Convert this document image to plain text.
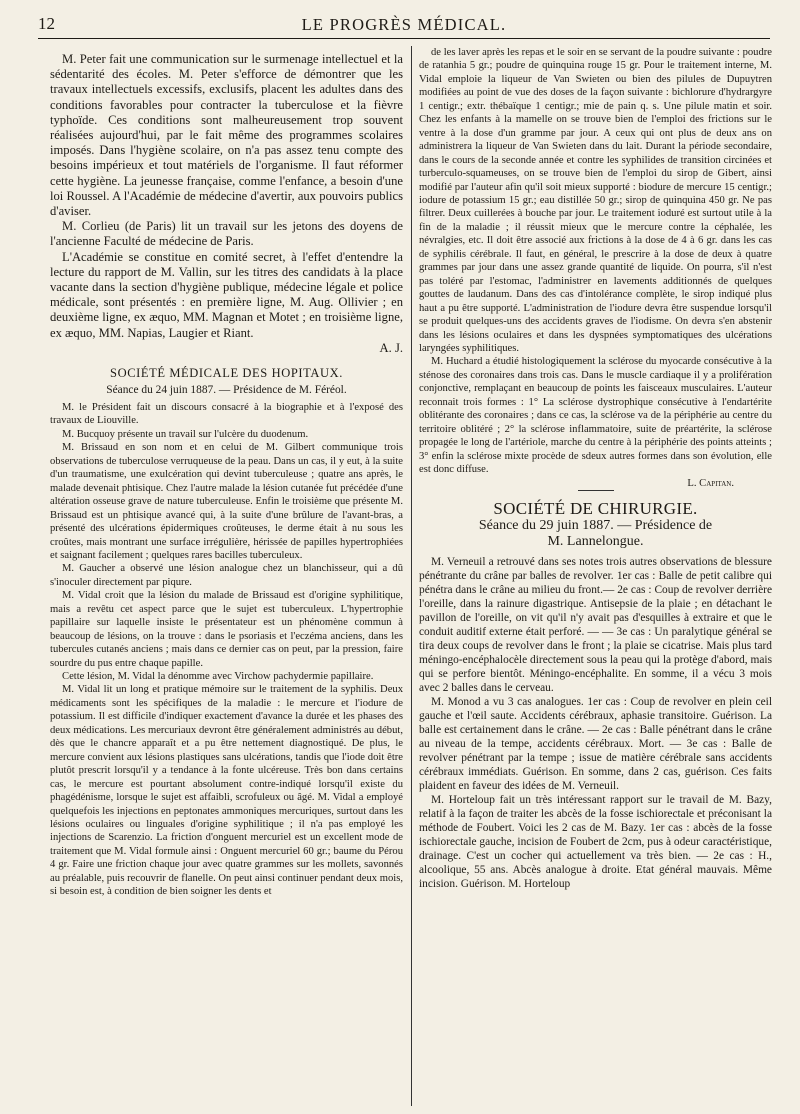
12	LE PROGRÈS MÉDICAL.

M. Peter fait une communication sur le surmenage intellectuel et la sédentarité des écoles. M. Peter s'efforce de démontrer que les travaux intellectuels excessifs, exclusifs, placent les adultes dans des conditions favorables pour contracter la tuberculose et la fièvre typhoïde. Ces conditions sont malheureusement trop souvent réalisées aujourd'hui, par le fait même des programmes scolaires imposés. Dans l'hygiène scolaire, on n'a pas assez tenu compte des besoins impérieux et tout matériels de l'organisme. Il faut réformer cette hygiène. La jeunesse française, comme l'enfance, a besoin d'une loi Roussel. A l'Académie de médecine d'avertir, aux pouvoirs publics d'aviser.

M. Corlieu (de Paris) lit un travail sur les jetons des doyens de l'ancienne Faculté de médecine de Paris.

L'Académie se constitue en comité secret, à l'effet d'entendre la lecture du rapport de M. Vallin, sur les titres des candidats à la place vacante dans la section d'hygiène publique, médecine légale et police médicale, sont présentés : en première ligne, M. Aug. Ollivier ; en deuxième ligne, ex æquo, MM. Magnan et Motet ; en troisième ligne, ex æquo, MM. Napias, Laugier et Riant.

A. J.
SOCIÉTÉ MÉDICALE DES HOPITAUX.
Séance du 24 juin 1887. — Présidence de M. Féréol.

M. le Président fait un discours consacré à la biographie et à l'exposé des travaux de Liouville.

M. Bucquoy présente un travail sur l'ulcère du duodenum.

M. Brissaud en son nom et en celui de M. Gilbert communique trois observations de tuberculose verruqueuse de la peau. Dans un cas, il y eut, à la suite d'un traumatisme, une exulcération qui devint tuberculeuse ; quatre ans après, le malade devenait phtisique. Chez l'autre malade la lésion cutanée fut précédée d'une altération osseuse grave de nature tuberculeuse. Enfin le troisième que présente M. Brissaud est un phtisique avancé qui, à la suite d'une brûlure de l'avant-bras, a présenté des ulcérations épidermiques croûteuses, le derme était à nu sous les croûtes, mais montrant une surface irrégulière, hérissée de papilles hypertrophiées et saignant facilement ; quelques rares bacilles tuberculeux.

M. Gaucher a observé une lésion analogue chez un blanchisseur, qui a dû s'inoculer directement par piqure.

M. Vidal croit que la lésion du malade de Brissaud est d'origine syphilitique, mais a revêtu cet aspect parce que le sujet est tuberculeux. L'hypertrophie papillaire sur laquelle insiste le présentateur est un phénomène commun à beaucoup de lésions, on la trouve : dans le psoriasis et l'eczéma anciens, dans les tubercules cutanés anciens ; mais dans ce dernier cas on peut, par la pression, faire sourdre du pus entre chaque papille.

Cette lésion, M. Vidal la dénomme avec Virchow pachydermie papillaire.

M. Vidal lit un long et pratique mémoire sur le traitement de la syphilis. Deux médicaments sont les spécifiques de la maladie : le mercure et l'iodure de potassium. Il est difficile d'indiquer exactement d'avance la durée et les phases des deux médications. Les mercuriaux devront être généralement administrés au début, dès que le chancre apparaît et a pu être nettement diagnostiqué. De plus, le mercure convient aux lésions plastiques sans ulcérations, tandis que l'iode doit être plutôt prescrit lorsqu'il y a tendance à la fonte ulcéreuse. Très bon dans certains cas, le mercure est pourtant absolument contre-indiqué lorsqu'il existe du phagédénisme, lorsque le sujet est affaibli, scrofuleux ou âgé. M. Vidal a employé quelquefois les injections en peptonates ammoniques mercuriques, surtout dans les lésions oculaires ou linguales d'origine syphilitique ; il n'a pas employé les injections de Scarenzio. La friction d'onguent mercuriel est un excellent mode de traitement que M. Vidal formule ainsi : Onguent mercuriel 60 gr.; baume du Pérou 4 gr. Faire une friction chaque jour avec quatre grammes sur les mollets, savonnés au préalable, puis recouvrir de flanelle. On peut ainsi continuer pendant deux mois, si besoin est, à condition de bien soigner les dents et

de les laver après les repas et le soir en se servant de la poudre suivante : poudre de ratanhia 5 gr.; poudre de quinquina rouge 15 gr. Pour le traitement interne, M. Vidal emploie la liqueur de Van Swieten ou bien des pilules de Dupuytren modifiées au point de vue des doses de la façon suivante : bichlorure d'hydrargyre 1 centigr.; extr. thébaïque 1 centigr.; mie de pain q. s. Une pilule matin et soir. Chez les enfants à la mamelle on se trouve bien de l'emploi des frictions sur le ventre à la dose d'un gramme par jour. A ceux qui ont plus de deux ans on administrera la liqueur de Van Swieten dans du lait. Durant la période secondaire, dans le cours de la seconde année et contre les syphilides de transition circinées et turberculo-squameuses, on se trouve bien de l'emploi du sirop de Gibert, ainsi modifié par l'auteur afin qu'il soit mieux supporté : biodure de mercure 15 centigr.; iodure de potassium 15 gr.; eau distillée 50 gr.; sirop de quinquina 450 gr. Ne pas filtrer. Deux cuillerées à bouche par jour. Le traitement ioduré est surtout utile à la fin de la maladie ; il réussit mieux que le mercure contre la céphalée, les névralgies, etc. Il doit être associé aux frictions à la dose de 4 à 6 gr. dans les cas de syphilis cérébrale. Il faut, en général, le prescrire à la dose de deux à quatre grammes par jour dans une assez grande quantité de liquide. On pourra, s'il n'est pas toléré par l'estomac, l'administrer en lavements additionnés de quelques gouttes de laudanum. Dans des cas d'intolérance complète, le sirop indiqué plus haut a pu être supporté. L'administration de l'iodure devra être suspendue lorsqu'il se produit quelques-uns des accidents graves de l'iodisme. On devra s'en abstenir dans les lésions oculaires et dans les dyspnées symptomatiques des ulcérations laryngées syphilitiques.

M. Huchard a étudié histologiquement la sclérose du myocarde consécutive à la sténose des coronaires dans trois cas. Dans le muscle cardiaque il y a prolifération conjonctive, remplaçant en beaucoup de points les faisceaux musculaires. L'auteur reconnait trois formes : 1° La sclérose dystrophique consécutive à l'endartérite oblitérante des coronaires ; dans ce cas, la sclérose va de la périphérie au centre du territoire oblitéré ; 2° la sclérose inflammatoire, suite de préartérite, la sclérose propagée le long de l'artériole, marche du centre à la périphérie des points atteints ; 3° enfin la sclérose mixte procède de sdeux autres formes dans son évolution, elle est donc diffuse.

L. Capitan.
SOCIÉTÉ DE CHIRURGIE.
Séance du 29 juin 1887. — Présidence de
M. Lannelongue.

M. Verneuil a retrouvé dans ses notes trois autres observations de blessure pénétrante du crâne par balles de revolver. 1er cas : Balle de petit calibre qui pénétra dans le crâne au milieu du front.— 2e cas : Coup de revolver derrière l'oreille, dans la rainure digastrique. Antisepsie de la plaie ; en détachant le pavillon de l'oreille, on vit qu'il n'y avait pas d'esquilles à extraire et que le conduit auditif externe était perforé. — — 3e cas : Un paralytique général se tira deux coups de revolver dans le front ; la plaie se cicatrise. Mais plus tard méningo-encéphalocèle directement sous la peau qui la protège d'abord, mais qui se perfore bientôt. Méningo-encéphalite. En somme, il a vécu 3 mois avec 2 balles dans le cerveau.

M. Monod a vu 3 cas analogues. 1er cas : Coup de revolver en plein ceil gauche et l'œil saute. Accidents cérébraux, aphasie transitoire. Guérison. La balle est certainement dans le crâne. — 2e cas : Balle pénétrant dans le crâne au niveau de la tempe, accidents cérébraux. Mort. — 3e cas : Balle de revolver pénétrant par la tempe ; issue de matière cérébrale sans accidents cérébraux immédiats. Guérison. En somme, dans 2 cas, guérison. Ces faits plaident en faveur des idées de M. Verneuil.

M. Horteloup fait un très intéressant rapport sur le travail de M. Bazy, relatif à la façon de traiter les abcès de la fosse ischiorectale et préconisant la méthode de Foubert. Voici les 2 cas de M. Bazy. 1er cas : abcès de la fosse ischiorectale gauche, incision de Foubert de 2cm, pus à odeur caractéristique, drainage. C'est un cocher qui actuellement va très bien. — 2e cas : H., alcoolique, 55 ans. Abcès analogue à droite. Etat général mauvais. Même incision. Guérison. M. Horteloup
